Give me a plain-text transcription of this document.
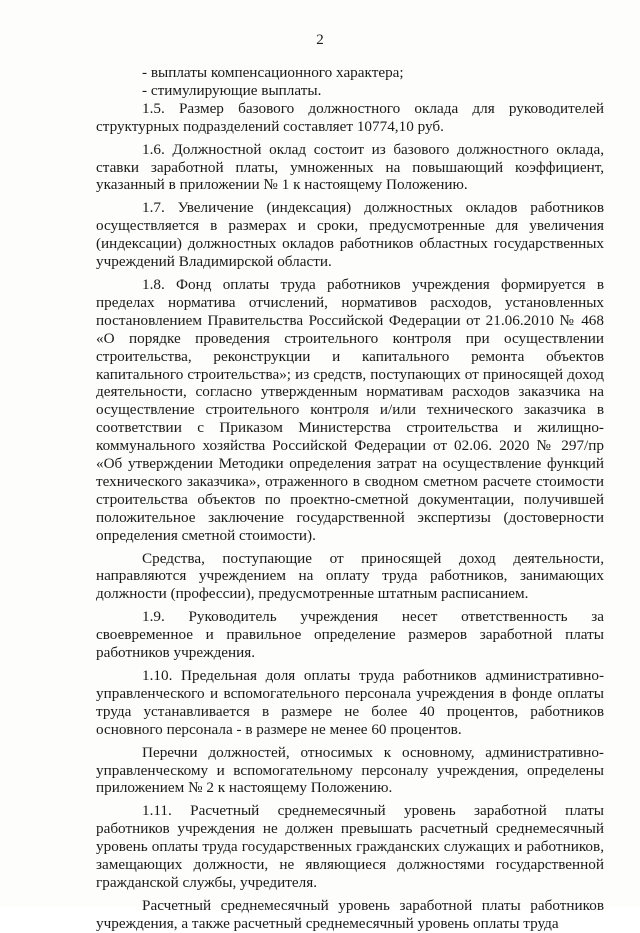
2

- выплаты компенсационного характера;

- стимулирующие выплаты.

1.5. Размер базового должностного оклада для руководителей структурных подразделений составляет 10774,10 руб.

1.6. Должностной оклад состоит из базового должностного оклада, ставки заработной платы, умноженных на повышающий коэффициент, указанный в приложении № 1 к настоящему Положению.

1.7. Увеличение (индексация) должностных окладов работников осуществляется в размерах и сроки, предусмотренные для увеличения (индексации) должностных окладов работников областных государственных учреждений Владимирской области.

1.8. Фонд оплаты труда работников учреждения формируется в пределах норматива отчислений, нормативов расходов, установленных постановлением Правительства Российской Федерации от 21.06.2010 № 468 «О порядке проведения строительного контроля при осуществлении строительства, реконструкции и капитального ремонта объектов капитального строительства»; из средств, поступающих от приносящей доход деятельности, согласно утвержденным нормативам расходов заказчика на осуществление строительного контроля и/или технического заказчика в соответствии с Приказом Министерства строительства и жилищно-коммунального хозяйства Российской Федерации от 02.06. 2020 № 297/пр «Об утверждении Методики определения затрат на осуществление функций технического заказчика», отраженного в сводном сметном расчете стоимости строительства объектов по проектно-сметной документации, получившей положительное заключение государственной экспертизы (достоверности определения сметной стоимости).

Средства, поступающие от приносящей доход деятельности, направляются учреждением на оплату труда работников, занимающих должности (профессии), предусмотренные штатным расписанием.

1.9. Руководитель учреждения несет ответственность за своевременное и правильное определение размеров заработной платы работников учреждения.

1.10. Предельная доля оплаты труда работников административно-управленческого и вспомогательного персонала учреждения в фонде оплаты труда устанавливается в размере не более 40 процентов, работников основного персонала - в размере не менее 60 процентов.

Перечни должностей, относимых к основному, административно-управленческому и вспомогательному персоналу учреждения, определены приложением № 2 к настоящему Положению.

1.11. Расчетный среднемесячный уровень заработной платы работников учреждения не должен превышать расчетный среднемесячный уровень оплаты труда государственных гражданских служащих и работников, замещающих должности, не являющиеся должностями государственной гражданской службы, учредителя.

Расчетный среднемесячный уровень заработной платы работников учреждения, а также расчетный среднемесячный уровень оплаты труда
